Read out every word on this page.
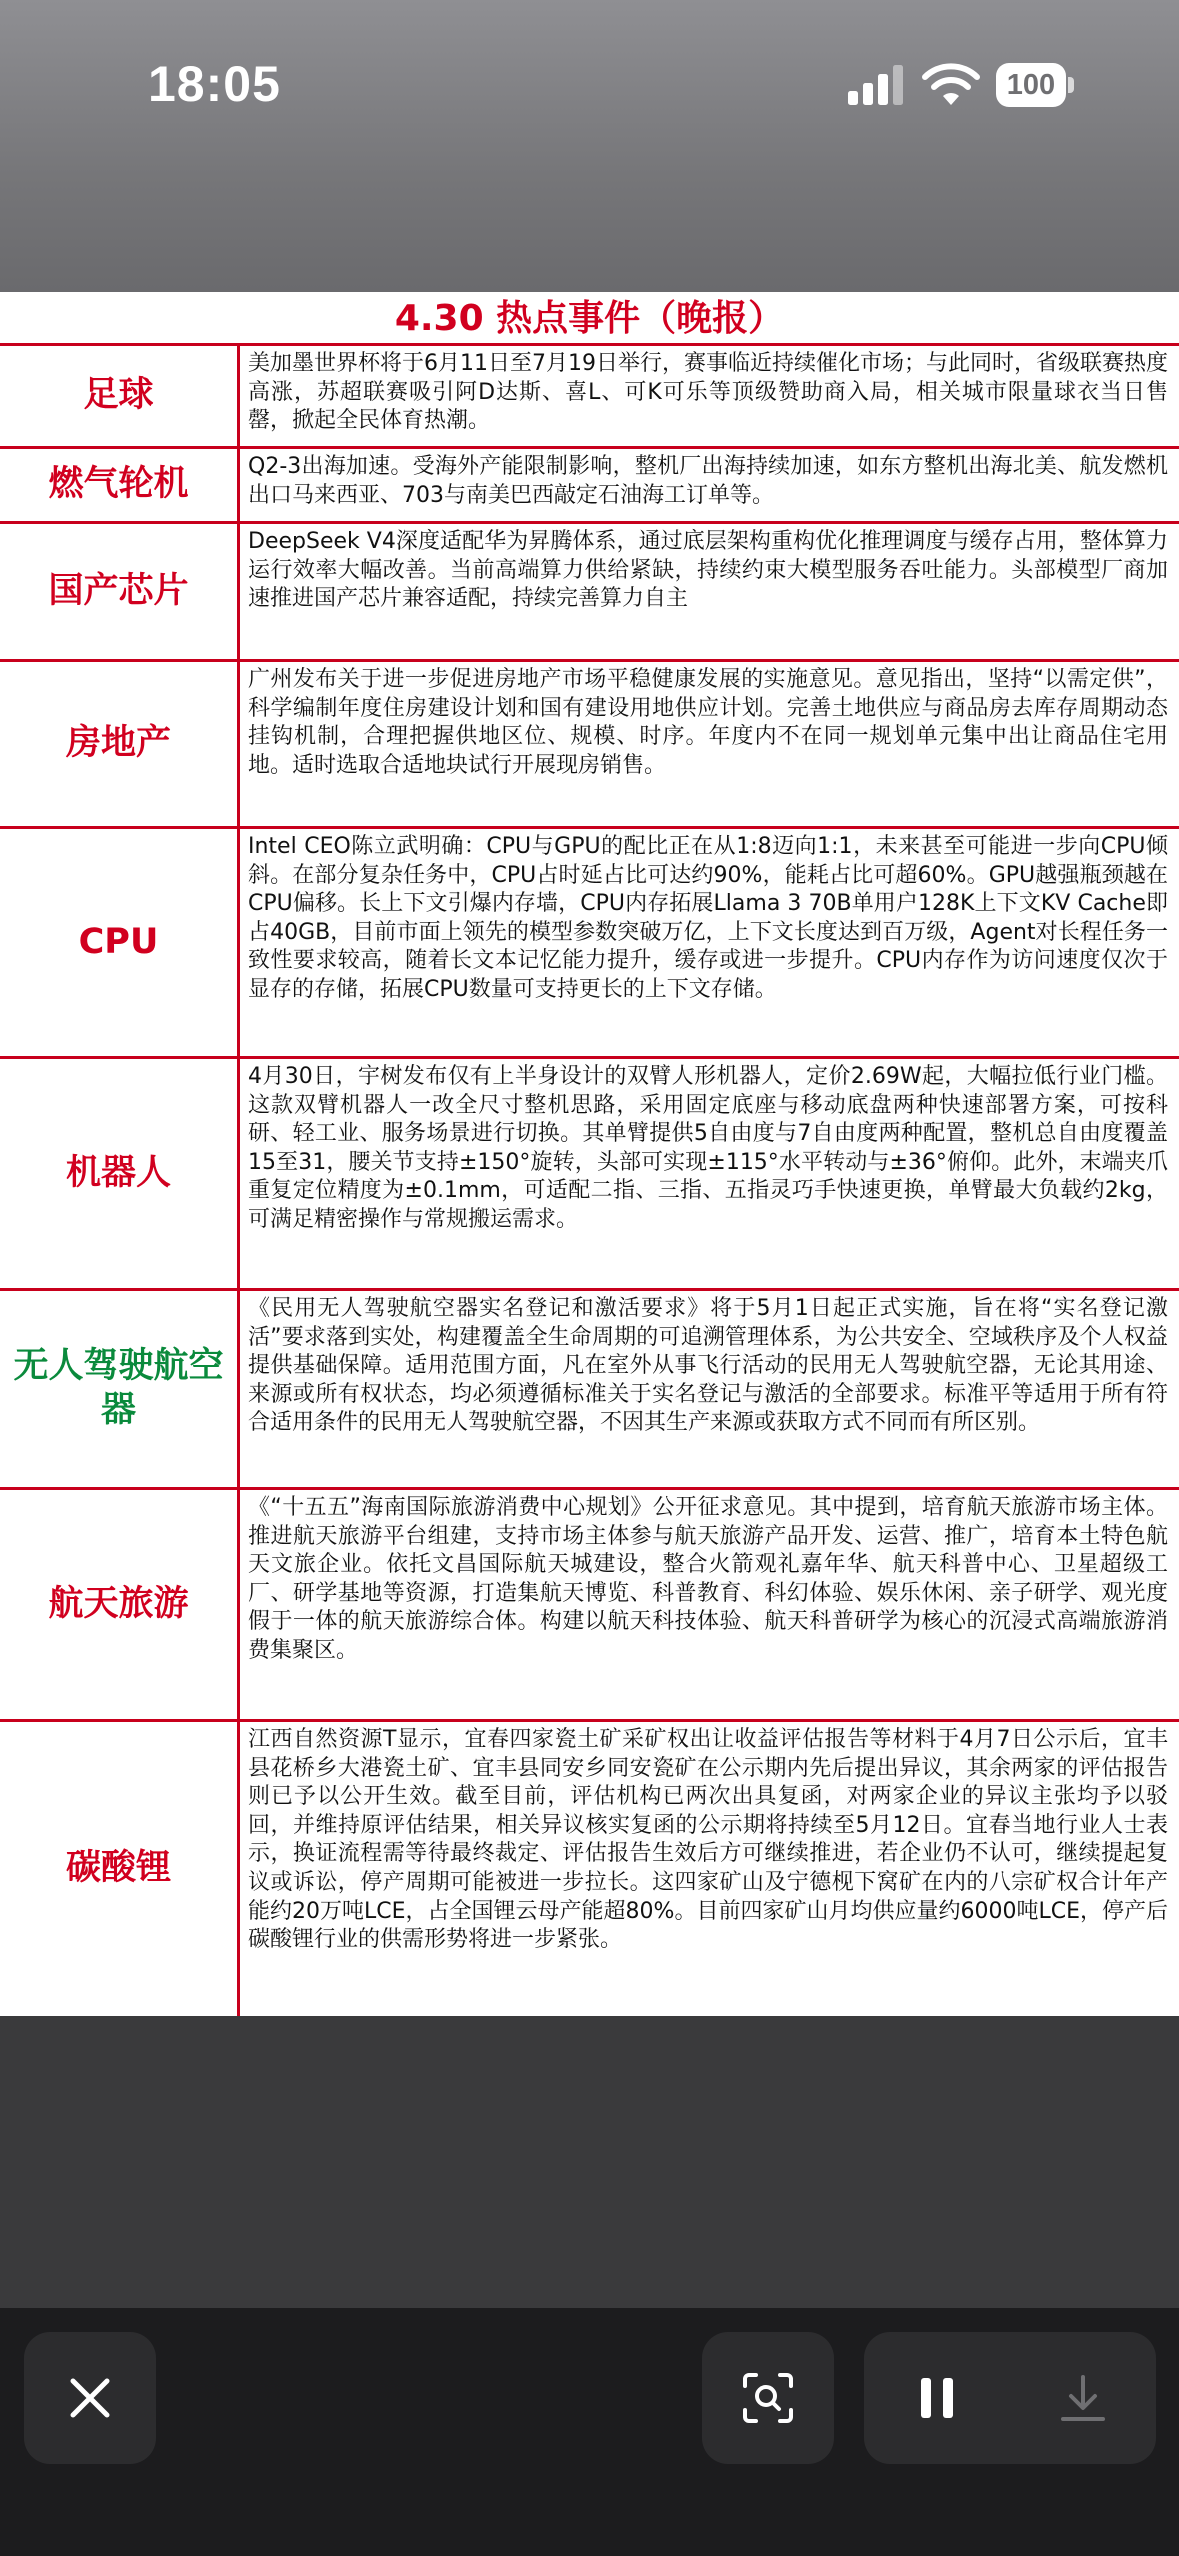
18:05	100
4.30 热点事件（晚报）
足球
美加墨世界杯将于6月11日至7月19日举行，赛事临近持续催化市场；与此同时，省级联赛热度高涨，苏超联赛吸引阿D达斯、喜L、可K可乐等顶级赞助商入局，相关城市限量球衣当日售罄，掀起全民体育热潮。
燃气轮机	Q2-3出海加速。受海外产能限制影响，整机厂出海持续加速，如东方整机出海北美、航发燃机出口马来西亚、703与南美巴西敲定石油海工订单等。
国产芯片
DeepSeek V4深度适配华为昇腾体系，通过底层架构重构优化推理调度与缓存占用，整体算力运行效率大幅改善。当前高端算力供给紧缺，持续约束大模型服务吞吐能力。头部模型厂商加速推进国产芯片兼容适配，持续完善算力自主
房地产
广州发布关于进一步促进房地产市场平稳健康发展的实施意见。意见指出，坚持“以需定供”，科学编制年度住房建设计划和国有建设用地供应计划。完善土地供应与商品房去库存周期动态挂钩机制，合理把握供地区位、规模、时序。年度内不在同一规划单元集中出让商品住宅用地。适时选取合适地块试行开展现房销售。
CPU
Intel CEO陈立武明确：CPU与GPU的配比正在从1:8迈向1:1，未来甚至可能进一步向CPU倾斜。在部分复杂任务中，CPU占时延占比可达约90%，能耗占比可超60%。GPU越强瓶颈越在CPU偏移。长上下文引爆内存墙，CPU内存拓展Llama 3 70B单用户128K上下文KV Cache即占40GB，目前市面上领先的模型参数突破万亿，上下文长度达到百万级，Agent对长程任务一致性要求较高，随着长文本记忆能力提升，缓存或进一步提升。CPU内存作为访问速度仅次于显存的存储，拓展CPU数量可支持更长的上下文存储。
机器人
4月30日，宇树发布仅有上半身设计的双臂人形机器人，定价2.69W起，大幅拉低行业门槛。这款双臂机器人一改全尺寸整机思路，采用固定底座与移动底盘两种快速部署方案，可按科研、轻工业、服务场景进行切换。其单臂提供5自由度与7自由度两种配置，整机总自由度覆盖15至31，腰关节支持±150°旋转，头部可实现±115°水平转动与±36°俯仰。此外，末端夹爪重复定位精度为±0.1mm，可适配二指、三指、五指灵巧手快速更换，单臂最大负载约2kg，可满足精密操作与常规搬运需求。
无人驾驶航空器
《民用无人驾驶航空器实名登记和激活要求》将于5月1日起正式实施，旨在将“实名登记激活”要求落到实处，构建覆盖全生命周期的可追溯管理体系，为公共安全、空域秩序及个人权益提供基础保障。适用范围方面，凡在室外从事飞行活动的民用无人驾驶航空器，无论其用途、来源或所有权状态，均必须遵循标准关于实名登记与激活的全部要求。标准平等适用于所有符合适用条件的民用无人驾驶航空器，不因其生产来源或获取方式不同而有所区别。
航天旅游
《“十五五”海南国际旅游消费中心规划》公开征求意见。其中提到，培育航天旅游市场主体。推进航天旅游平台组建，支持市场主体参与航天旅游产品开发、运营、推广，培育本土特色航天文旅企业。依托文昌国际航天城建设，整合火箭观礼嘉年华、航天科普中心、卫星超级工厂、研学基地等资源，打造集航天博览、科普教育、科幻体验、娱乐休闲、亲子研学、观光度假于一体的航天旅游综合体。构建以航天科技体验、航天科普研学为核心的沉浸式高端旅游消费集聚区。
碳酸锂
江西自然资源T显示，宜春四家瓷土矿采矿权出让收益评估报告等材料于4月7日公示后，宜丰县花桥乡大港瓷土矿、宜丰县同安乡同安瓷矿在公示期内先后提出异议，其余两家的评估报告则已予以公开生效。截至目前，评估机构已两次出具复函，对两家企业的异议主张均予以驳回，并维持原评估结果，相关异议核实复函的公示期将持续至5月12日。宜春当地行业人士表示，换证流程需等待最终裁定、评估报告生效后方可继续推进，若企业仍不认可，继续提起复议或诉讼，停产周期可能被进一步拉长。这四家矿山及宁德枧下窝矿在内的八宗矿权合计年产能约20万吨LCE，占全国锂云母产能超80%。目前四家矿山月均供应量约6000吨LCE，停产后碳酸锂行业的供需形势将进一步紧张。
